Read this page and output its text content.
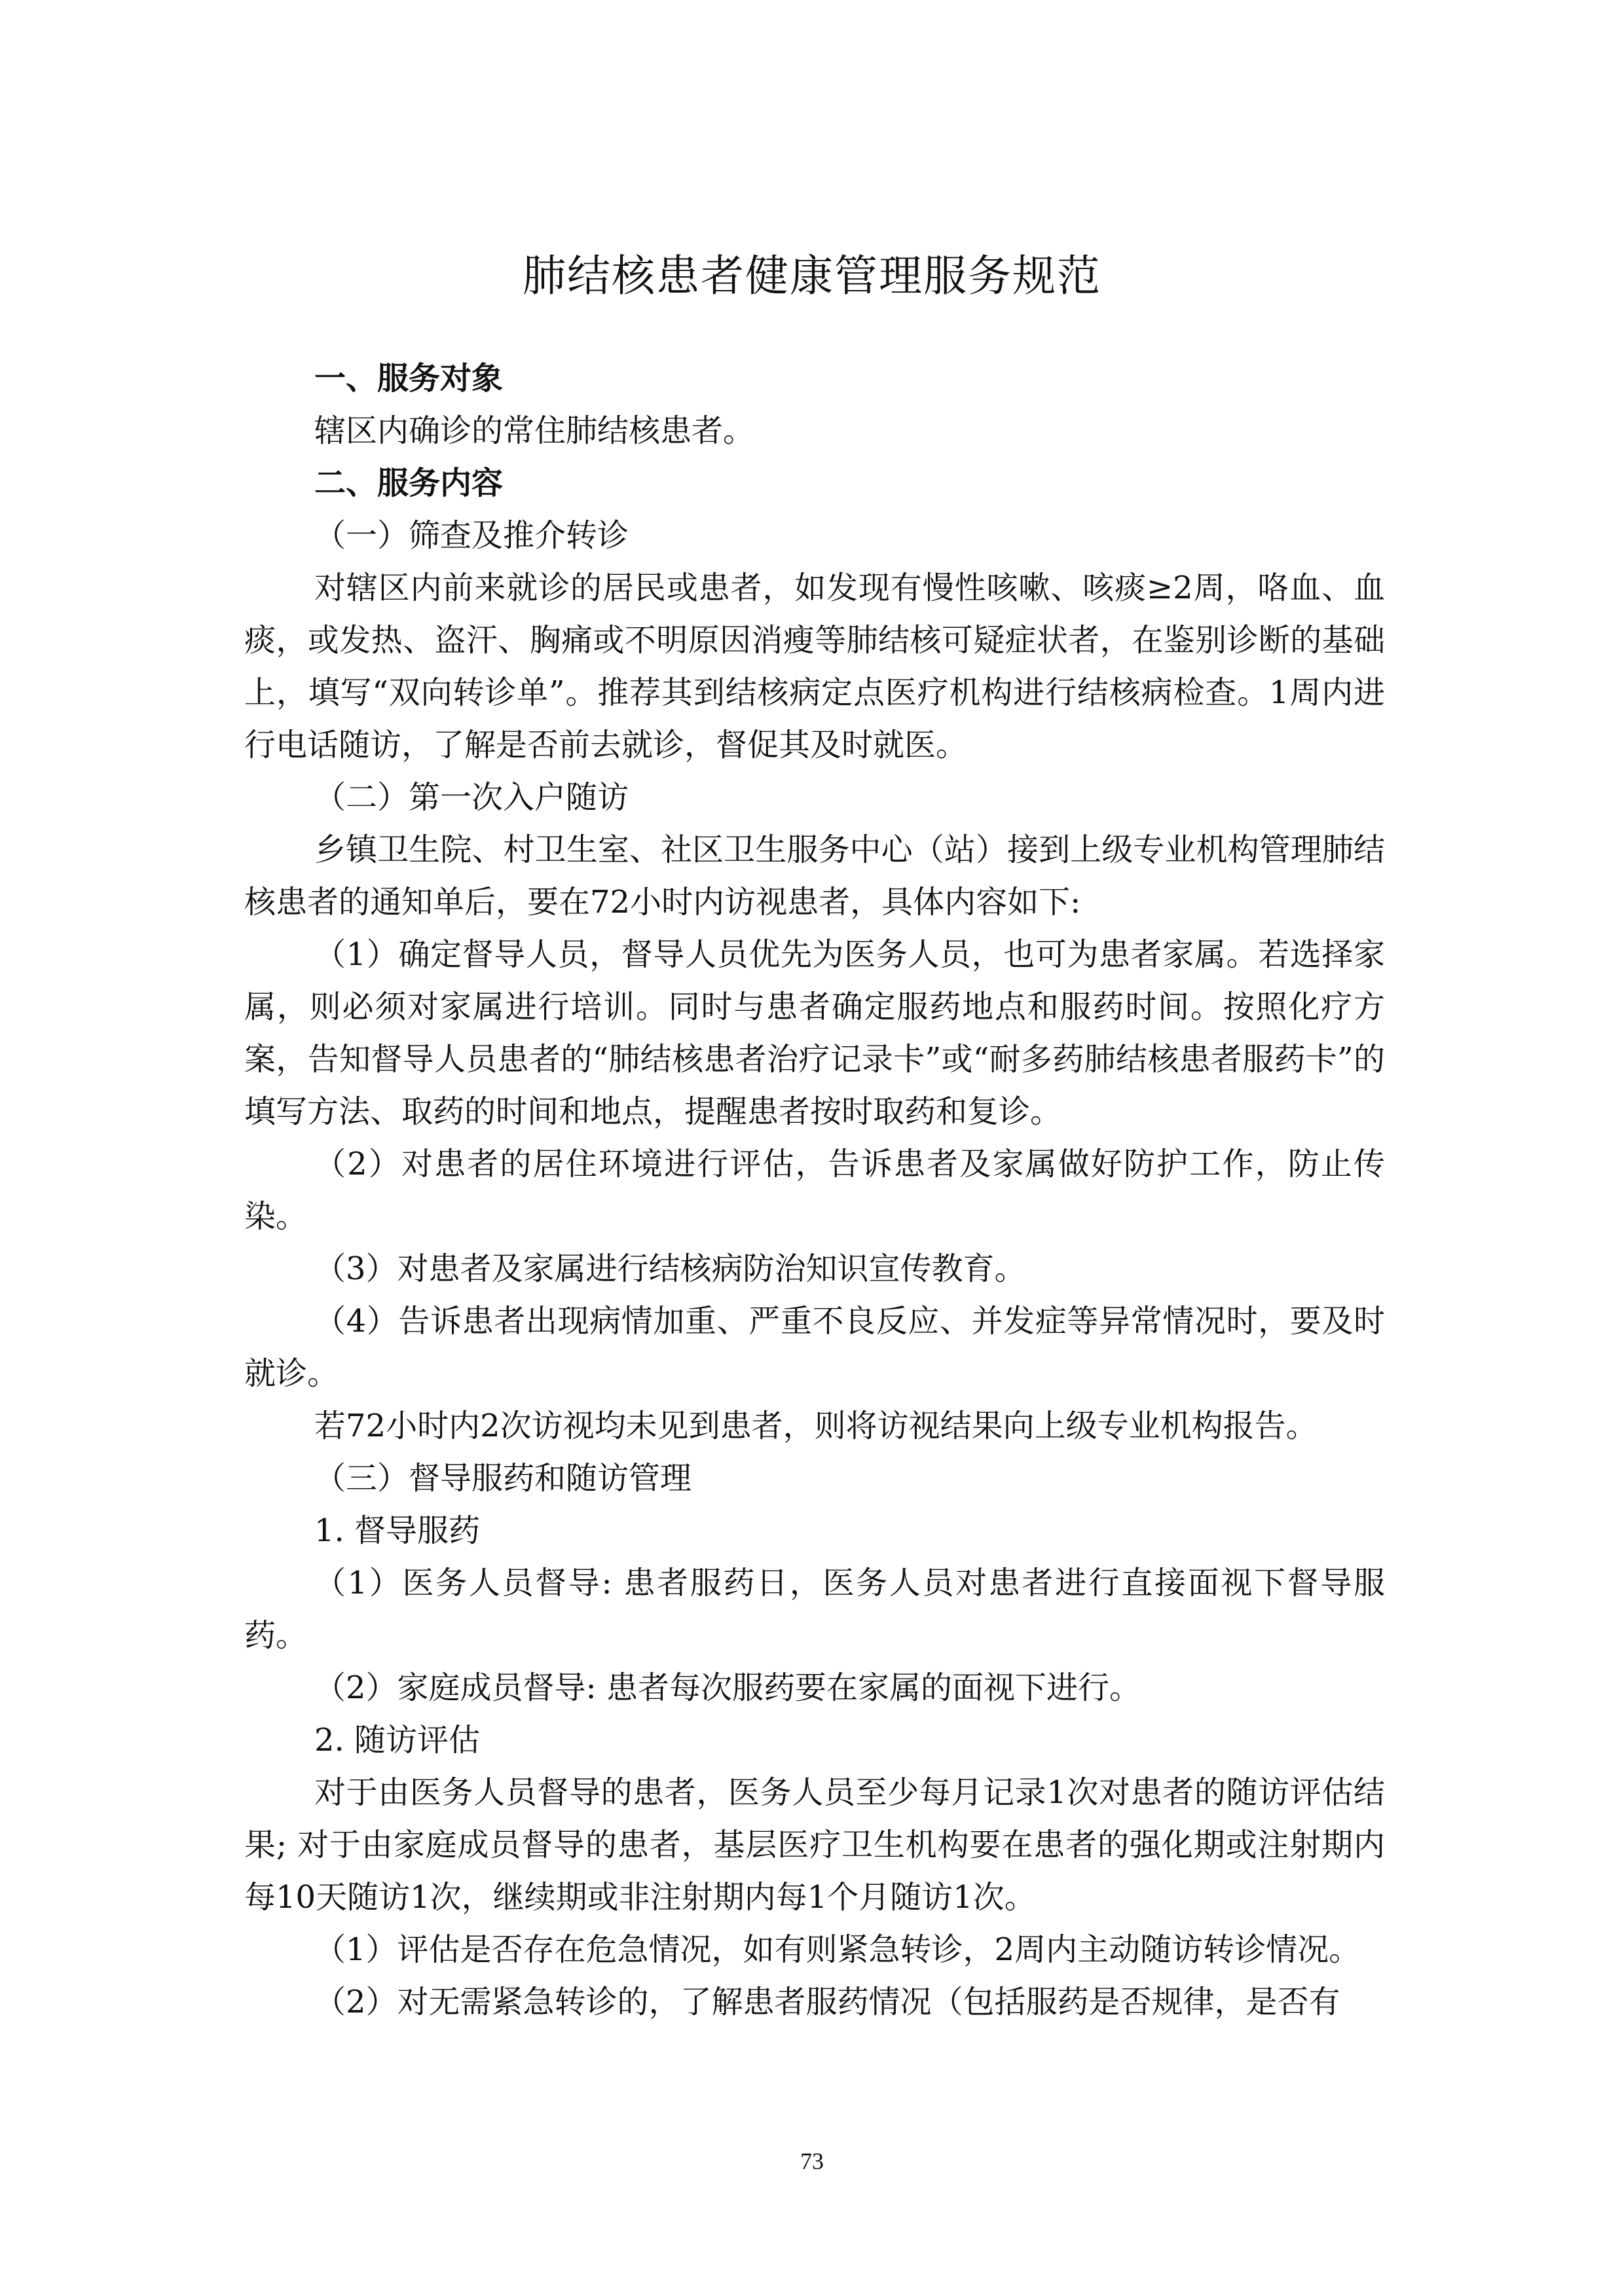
肺结核患者健康管理服务规范

一、服务对象

辖区内确诊的常住肺结核患者。

二、服务内容

（一）筛查及推介转诊

对辖区内前来就诊的居民或患者，如发现有慢性咳嗽、咳痰≥2周，咯血、血痰，或发热、盗汗、胸痛或不明原因消瘦等肺结核可疑症状者，在鉴别诊断的基础上，填写“双向转诊单”。推荐其到结核病定点医疗机构进行结核病检查。1周内进行电话随访，了解是否前去就诊，督促其及时就医。

（二）第一次入户随访

乡镇卫生院、村卫生室、社区卫生服务中心（站）接到上级专业机构管理肺结核患者的通知单后，要在72小时内访视患者，具体内容如下:

（1）确定督导人员，督导人员优先为医务人员，也可为患者家属。若选择家属，则必须对家属进行培训。同时与患者确定服药地点和服药时间。按照化疗方案，告知督导人员患者的“肺结核患者治疗记录卡”或“耐多药肺结核患者服药卡”的填写方法、取药的时间和地点，提醒患者按时取药和复诊。

（2）对患者的居住环境进行评估，告诉患者及家属做好防护工作，防止传染。

（3）对患者及家属进行结核病防治知识宣传教育。

（4）告诉患者出现病情加重、严重不良反应、并发症等异常情况时，要及时就诊。

若72小时内2次访视均未见到患者，则将访视结果向上级专业机构报告。

（三）督导服药和随访管理

1. 督导服药

（1）医务人员督导: 患者服药日，医务人员对患者进行直接面视下督导服药。

（2）家庭成员督导: 患者每次服药要在家属的面视下进行。

2. 随访评估

对于由医务人员督导的患者，医务人员至少每月记录1次对患者的随访评估结果; 对于由家庭成员督导的患者，基层医疗卫生机构要在患者的强化期或注射期内每10天随访1次，继续期或非注射期内每1个月随访1次。

（1）评估是否存在危急情况，如有则紧急转诊，2周内主动随访转诊情况。

（2）对无需紧急转诊的，了解患者服药情况（包括服药是否规律，是否有

73
